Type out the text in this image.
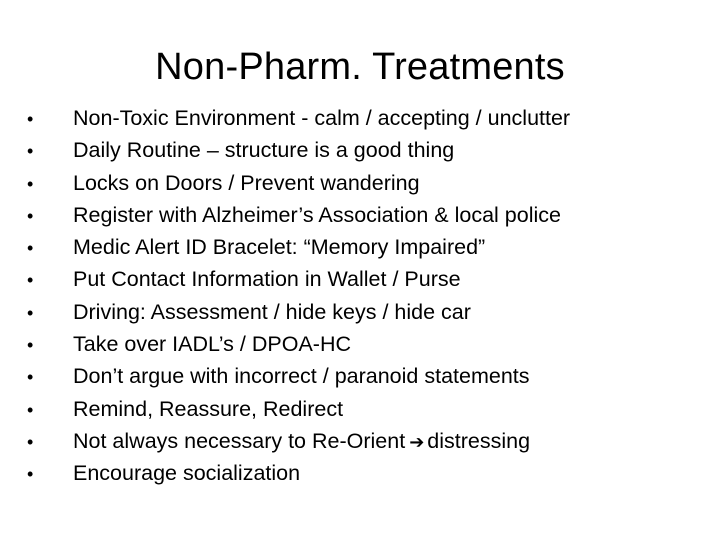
Non-Pharm. Treatments
•	Non-Toxic Environment - calm / accepting / unclutter
•	Daily Routine – structure is a good thing
•	Locks on Doors / Prevent wandering
•	Register with Alzheimer’s Association & local police
•	Medic Alert ID Bracelet: “Memory Impaired”
•	Put Contact Information in Wallet / Purse
•	Driving: Assessment / hide keys / hide car
•	Take over IADL’s / DPOA-HC
•	Don’t argue with incorrect / paranoid statements
•	Remind, Reassure, Redirect
•	Not always necessary to Re-Orient ➔ distressing
•	Encourage socialization
